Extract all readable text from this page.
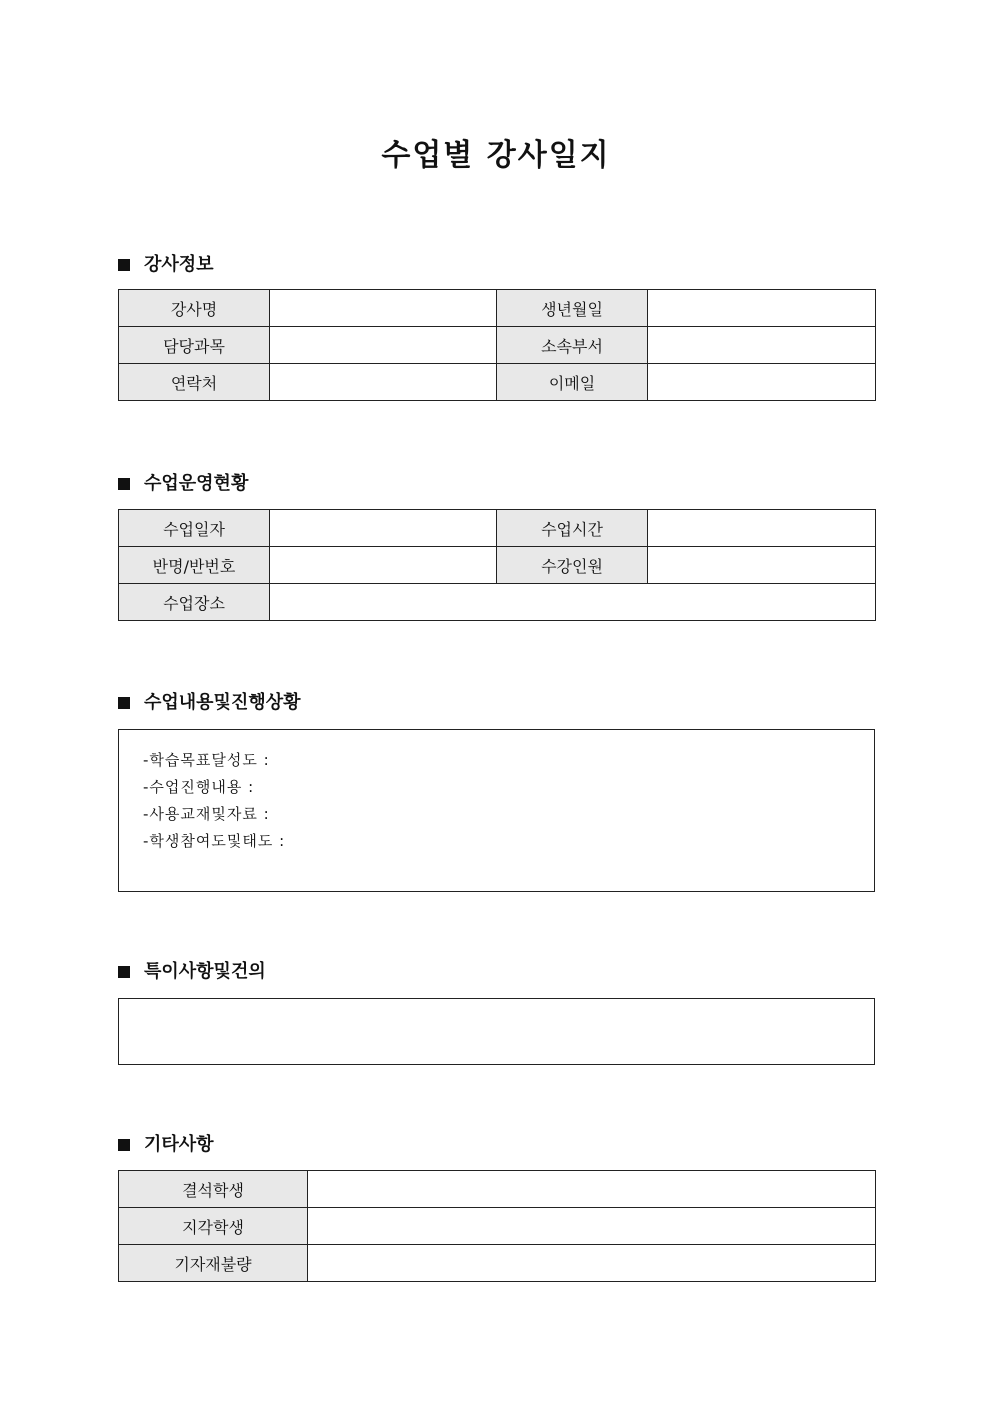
수업별 강사일지
강사정보
강사명		생년월일	
담당과목		소속부서	
연락처		이메일	
수업운영현황
수업일자		수업시간	
반명/반번호		수강인원	
수업장소			
수업내용및진행상황
-학습목표달성도 :
-수업진행내용 :
-사용교재및자료 :
-학생참여도및태도 :
특이사항및건의
기타사항
결석학생	
지각학생	
기자재불량	
